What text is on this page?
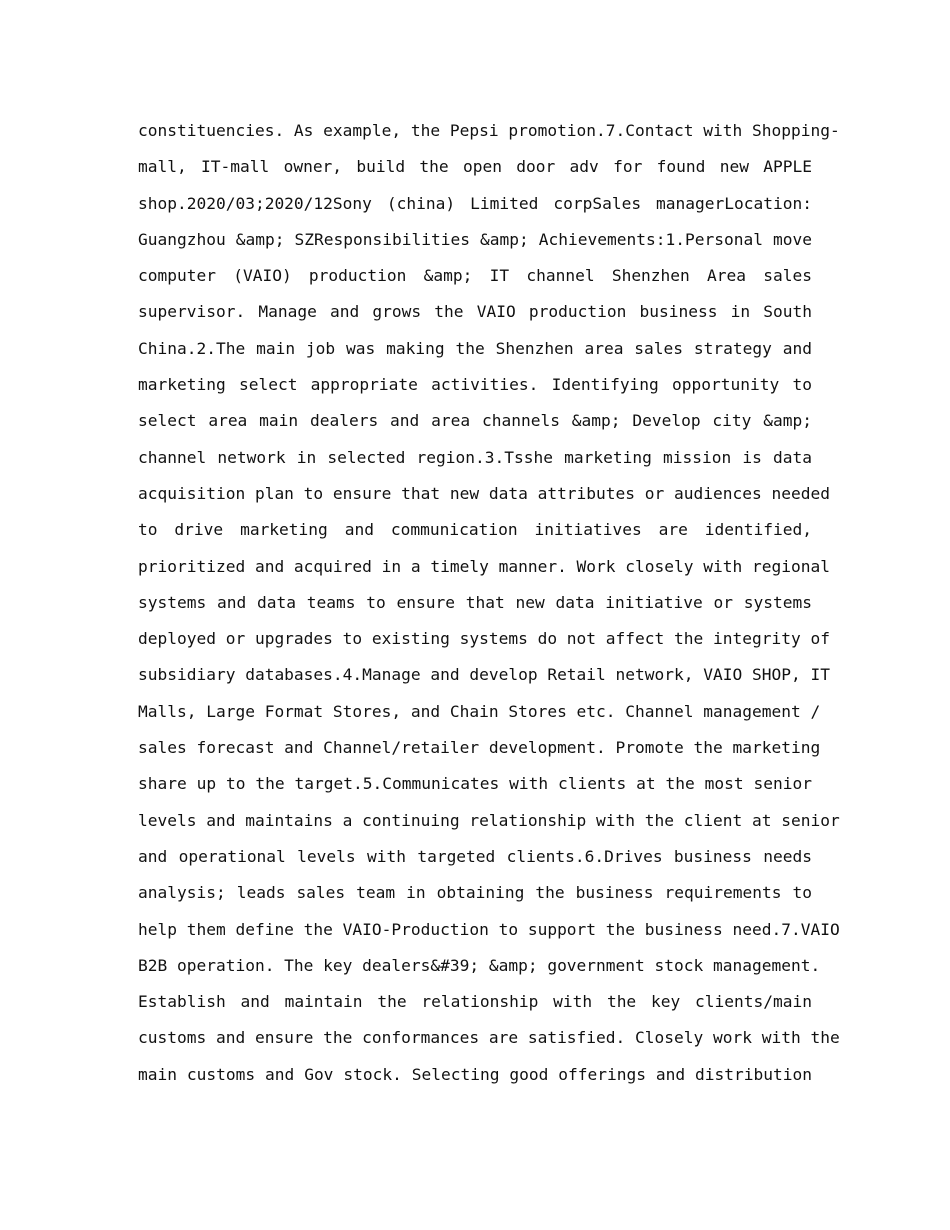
constituencies. As example, the Pepsi promotion.7.Contact with Shopping-
mall, IT-mall owner, build the open door adv for found new APPLE
shop.2020/03;2020/12Sony (china) Limited corpSales managerLocation:
Guangzhou &amp; SZResponsibilities &amp; Achievements:1.Personal move
computer (VAIO) production &amp; IT channel Shenzhen Area sales
supervisor. Manage and grows the VAIO production business in South
China.2.The main job was making the Shenzhen area sales strategy and
marketing select appropriate activities. Identifying opportunity to
select area main dealers and area channels &amp; Develop city &amp;
channel network in selected region.3.Tsshe marketing mission is data
acquisition plan to ensure that new data attributes or audiences needed
to drive marketing and communication initiatives are identified,
prioritized and acquired in a timely manner. Work closely with regional
systems and data teams to ensure that new data initiative or systems
deployed or upgrades to existing systems do not affect the integrity of
subsidiary databases.4.Manage and develop Retail network, VAIO SHOP, IT
Malls, Large Format Stores, and Chain Stores etc. Channel management /
sales forecast and Channel/retailer development. Promote the marketing
share up to the target.5.Communicates with clients at the most senior
levels and maintains a continuing relationship with the client at senior
and operational levels with targeted clients.6.Drives business needs
analysis; leads sales team in obtaining the business requirements to
help them define the VAIO-Production to support the business need.7.VAIO
B2B operation. The key dealers&#39; &amp; government stock management.
Establish and maintain the relationship with the key clients/main
customs and ensure the conformances are satisfied. Closely work with the
main customs and Gov stock. Selecting good offerings and distribution
